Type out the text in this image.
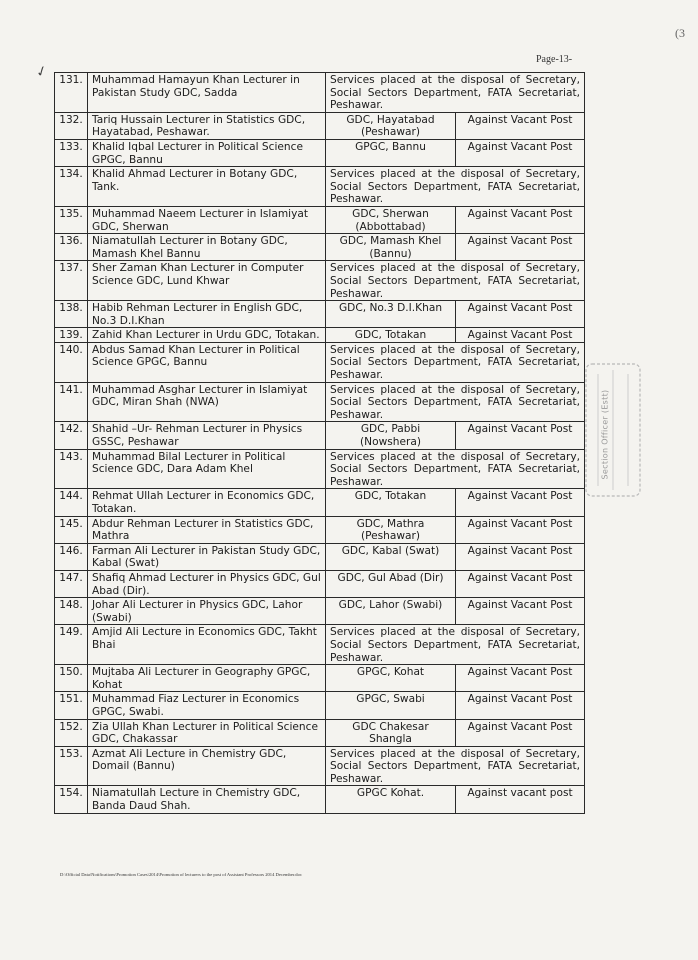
(3
Page-13-
✓ 131.	Muhammad Hamayun Khan Lecturer in Pakistan Study GDC, Sadda	Services placed at the disposal of Secretary, Social Sectors Department, FATA Secretariat, Peshawar.	
132.	Tariq Hussain Lecturer in Statistics GDC, Hayatabad, Peshawar.	GDC, Hayatabad (Peshawar)	Against Vacant Post
133.	Khalid Iqbal Lecturer in Political Science GPGC, Bannu	GPGC, Bannu	Against Vacant Post
134.	Khalid Ahmad Lecturer in Botany GDC, Tank.	Services placed at the disposal of Secretary, Social Sectors Department, FATA Secretariat, Peshawar.	
135.	Muhammad Naeem Lecturer in Islamiyat GDC, Sherwan	GDC, Sherwan (Abbottabad)	Against Vacant Post
136.	Niamatullah Lecturer in Botany GDC, Mamash Khel Bannu	GDC, Mamash Khel (Bannu)	Against Vacant Post
137.	Sher Zaman Khan Lecturer in Computer Science GDC, Lund Khwar	Services placed at the disposal of Secretary, Social Sectors Department, FATA Secretariat, Peshawar.	
138.	Habib Rehman Lecturer in English GDC, No.3 D.I.Khan	GDC, No.3 D.I.Khan	Against Vacant Post
139.	Zahid Khan Lecturer in Urdu GDC, Totakan.	GDC, Totakan	Against Vacant Post
140.	Abdus Samad Khan Lecturer in Political Science GPGC, Bannu	Services placed at the disposal of Secretary, Social Sectors Department, FATA Secretariat, Peshawar.	
141.	Muhammad Asghar Lecturer in Islamiyat GDC, Miran Shah (NWA)	Services placed at the disposal of Secretary, Social Sectors Department, FATA Secretariat, Peshawar.	
142.	Shahid –Ur- Rehman Lecturer in Physics GSSC, Peshawar	GDC, Pabbi (Nowshera)	Against Vacant Post
143.	Muhammad Bilal Lecturer in Political Science GDC, Dara Adam Khel	Services placed at the disposal of Secretary, Social Sectors Department, FATA Secretariat, Peshawar.	
144.	Rehmat Ullah Lecturer in Economics GDC, Totakan.	GDC, Totakan	Against Vacant Post
145.	Abdur Rehman Lecturer in Statistics GDC, Mathra	GDC, Mathra (Peshawar)	Against Vacant Post
146.	Farman Ali Lecturer in Pakistan Study GDC, Kabal (Swat)	GDC, Kabal (Swat)	Against Vacant Post
147.	Shafiq Ahmad Lecturer in Physics GDC, Gul Abad (Dir).	GDC, Gul Abad (Dir)	Against Vacant Post
148.	Johar Ali Lecturer in Physics GDC, Lahor (Swabi)	GDC, Lahor (Swabi)	Against Vacant Post
149.	Amjid Ali Lecture in Economics GDC, Takht Bhai	Services placed at the disposal of Secretary, Social Sectors Department, FATA Secretariat, Peshawar.	
150.	Mujtaba Ali Lecturer in Geography GPGC, Kohat	GPGC, Kohat	Against Vacant Post
151.	Muhammad Fiaz Lecturer in Economics GPGC, Swabi.	GPGC, Swabi	Against Vacant Post
152.	Zia Ullah Khan Lecturer in Political Science GDC, Chakassar	GDC Chakesar Shangla	Against Vacant Post
153.	Azmat Ali Lecture in Chemistry GDC, Domail (Bannu)	Services placed at the disposal of Secretary, Social Sectors Department, FATA Secretariat, Peshawar.	
154.	Niamatullah Lecture in Chemistry GDC, Banda Daud Shah.	GPGC Kohat.	Against vacant post
Section Officer (Estt)
D:\Official Data\Notifications\Promotion Cases\2014\Promotion of lecturers to the post of Assistant Professors 2014 December.doc
